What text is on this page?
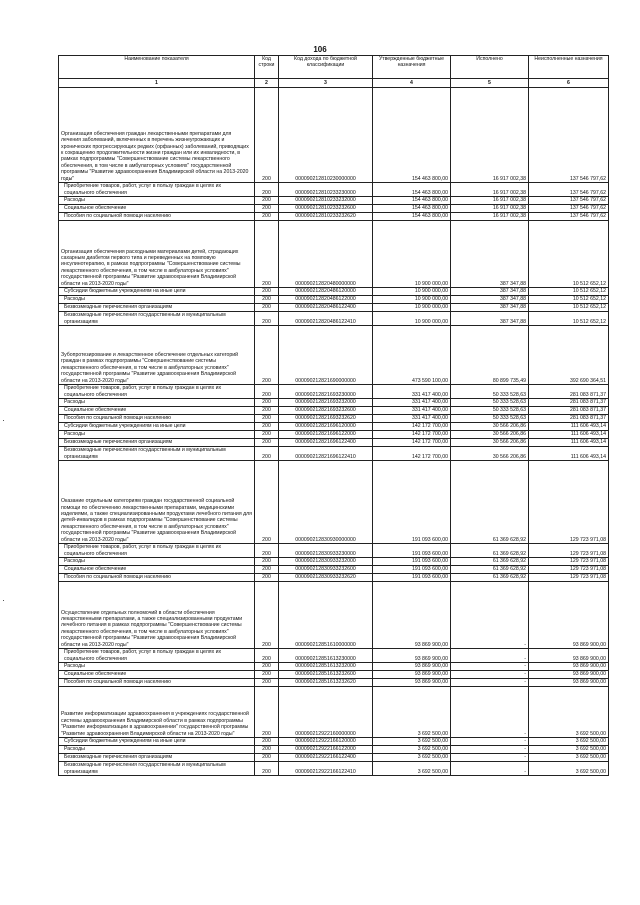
106
Наименование показателя	Код строки	Код дохода по бюджетной классификации	Утвержденные бюджетные назначения	Исполнено	Неисполненные назначения
1	2	3	4	5	6
Организация обеспечения граждан лекарственными препаратами для лечения заболеваний, включенных в перечень жизнеугрожающих и хронических прогрессирующих редких (орфанных) заболеваний, приводящих к сокращению продолжительности жизни граждан или их инвалидности, в рамках подпрограммы "Совершенствование системы лекарственного обеспечения, в том числе в амбулаторных условиях" государственной программы "Развитие здравоохранения Владимирской области на 2013-2020 годы"	200	000090212810230000000	154 463 800,00	16 917 002,38	137 546 797,62
Приобретение товаров, работ, услуг в пользу граждан в целях их социального обеспечения	200	000090212810233230000	154 463 800,00	16 917 002,38	137 546 797,62
Расходы	200	000090212810233232000	154 463 800,00	16 917 002,38	137 546 797,62
Социальное обеспечение	200	000090212810233232600	154 463 800,00	16 917 002,38	137 546 797,62
Пособия по социальной помощи населению	200	000090212810233232620	154 463 800,00	16 917 002,38	137 546 797,62
Организация обеспечения расходными материалами детей, страдающих сахарным диабетом первого типа и переведенных на помповую инсулинотерапию, в рамках подпрограммы "Совершенствование системы лекарственного обеспечения, в том числе в амбулаторных условиях" государственной программы "Развитие здравоохранения Владимирской области на 2013-2020 годы"	200	000090212820480000000	10 900 000,00	387 347,88	10 512 652,12
Субсидии бюджетным учреждениям на иные цели	200	000090212820486120000	10 900 000,00	387 347,88	10 512 652,12
Расходы	200	000090212820486122000	10 900 000,00	387 347,88	10 512 652,12
Безвозмездные перечисления организациям	200	000090212820486122400	10 900 000,00	387 347,88	10 512 652,12
Безвозмездные перечисления государственным и муниципальным организациям	200	000090212820486122410	10 900 000,00	387 347,88	10 512 652,12
Зубопротезирование и лекарственное обеспечение отдельных категорий граждан в рамках подпрограммы "Совершенствование системы лекарственного обеспечения, в том числе в амбулаторных условиях" государственной программы "Развитие здравоохранения Владимирской области на 2013-2020 годы"	200	000090212821690000000	473 590 100,00	80 899 735,49	392 690 364,51
Приобретение товаров, работ, услуг в пользу граждан в целях их социального обеспечения	200	000090212821693230000	331 417 400,00	50 333 528,63	281 083 871,37
Расходы	200	000090212821693232000	331 417 400,00	50 333 528,63	281 083 871,37
Социальное обеспечение	200	000090212821693232600	331 417 400,00	50 333 528,63	281 083 871,37
Пособия по социальной помощи населению	200	000090212821693232620	331 417 400,00	50 333 528,63	281 083 871,37
Субсидии бюджетным учреждениям на иные цели	200	000090212821696120000	142 172 700,00	30 566 206,86	111 606 493,14
Расходы	200	000090212821696122000	142 172 700,00	30 566 206,86	111 606 493,14
Безвозмездные перечисления организациям	200	000090212821696122400	142 172 700,00	30 566 206,86	111 606 493,14
Безвозмездные перечисления государственным и муниципальным организациям	200	000090212821696122410	142 172 700,00	30 566 206,86	111 606 493,14
Оказание отдельным категориям граждан государственной социальной помощи по обеспечению лекарственными препаратами, медицинскими изделиями, а также специализированными продуктами лечебного питания для детей-инвалидов в рамках подпрограммы "Совершенствование системы лекарственного обеспечения, в том числе в амбулаторных условиях" государственной программы "Развитие здравоохранения Владимирской области на 2013-2020 годы"	200	000090212830930000000	191 093 600,00	61 369 628,92	129 723 971,08
Приобретение товаров, работ, услуг в пользу граждан в целях их социального обеспечения	200	000090212830933230000	191 093 600,00	61 369 628,92	129 723 971,08
Расходы	200	000090212830933232000	191 093 600,00	61 369 628,92	129 723 971,08
Социальное обеспечение	200	000090212830933232600	191 093 600,00	61 369 628,92	129 723 971,08
Пособия по социальной помощи населению	200	000090212830933232620	191 093 600,00	61 369 628,92	129 723 971,08
Осуществление отдельных полномочий в области обеспечения лекарственными препаратами, а также специализированными продуктами лечебного питания в рамках подпрограммы "Совершенствование системы лекарственного обеспечения, в том числе в амбулаторных условиях" государственной программы "Развитие здравоохранения Владимирской области на 2013-2020 годы"	200	000090212851610000000	93 869 900,00	-	93 869 900,00
Приобретение товаров, работ, услуг в пользу граждан в целях их социального обеспечения	200	000090212851613230000	93 869 900,00	-	93 869 900,00
Расходы	200	000090212851613232000	93 869 900,00	-	93 869 900,00
Социальное обеспечение	200	000090212851613232600	93 869 900,00	-	93 869 900,00
Пособия по социальной помощи населению	200	000090212851613232620	93 869 900,00	-	93 869 900,00
Развитие информатизации здравоохранения в учреждениях государственной системы здравоохранения Владимирской области в рамках подпрограммы "Развитие информатизации в здравоохранении" государственной программы "Развитие здравоохранения Владимирской области на 2013-2020 годы"	200	000090212922160000000	3 692 500,00	-	3 692 500,00
Субсидии бюджетным учреждениям на иные цели	200	000090212922166120000	3 692 500,00	-	3 692 500,00
Расходы	200	000090212922166122000	3 692 500,00	-	3 692 500,00
Безвозмездные перечисления организациям	200	000090212922166122400	3 692 500,00	-	3 692 500,00
Безвозмездные перечисления государственным и муниципальным организациям	200	000090212922166122410	3 692 500,00	-	3 692 500,00
